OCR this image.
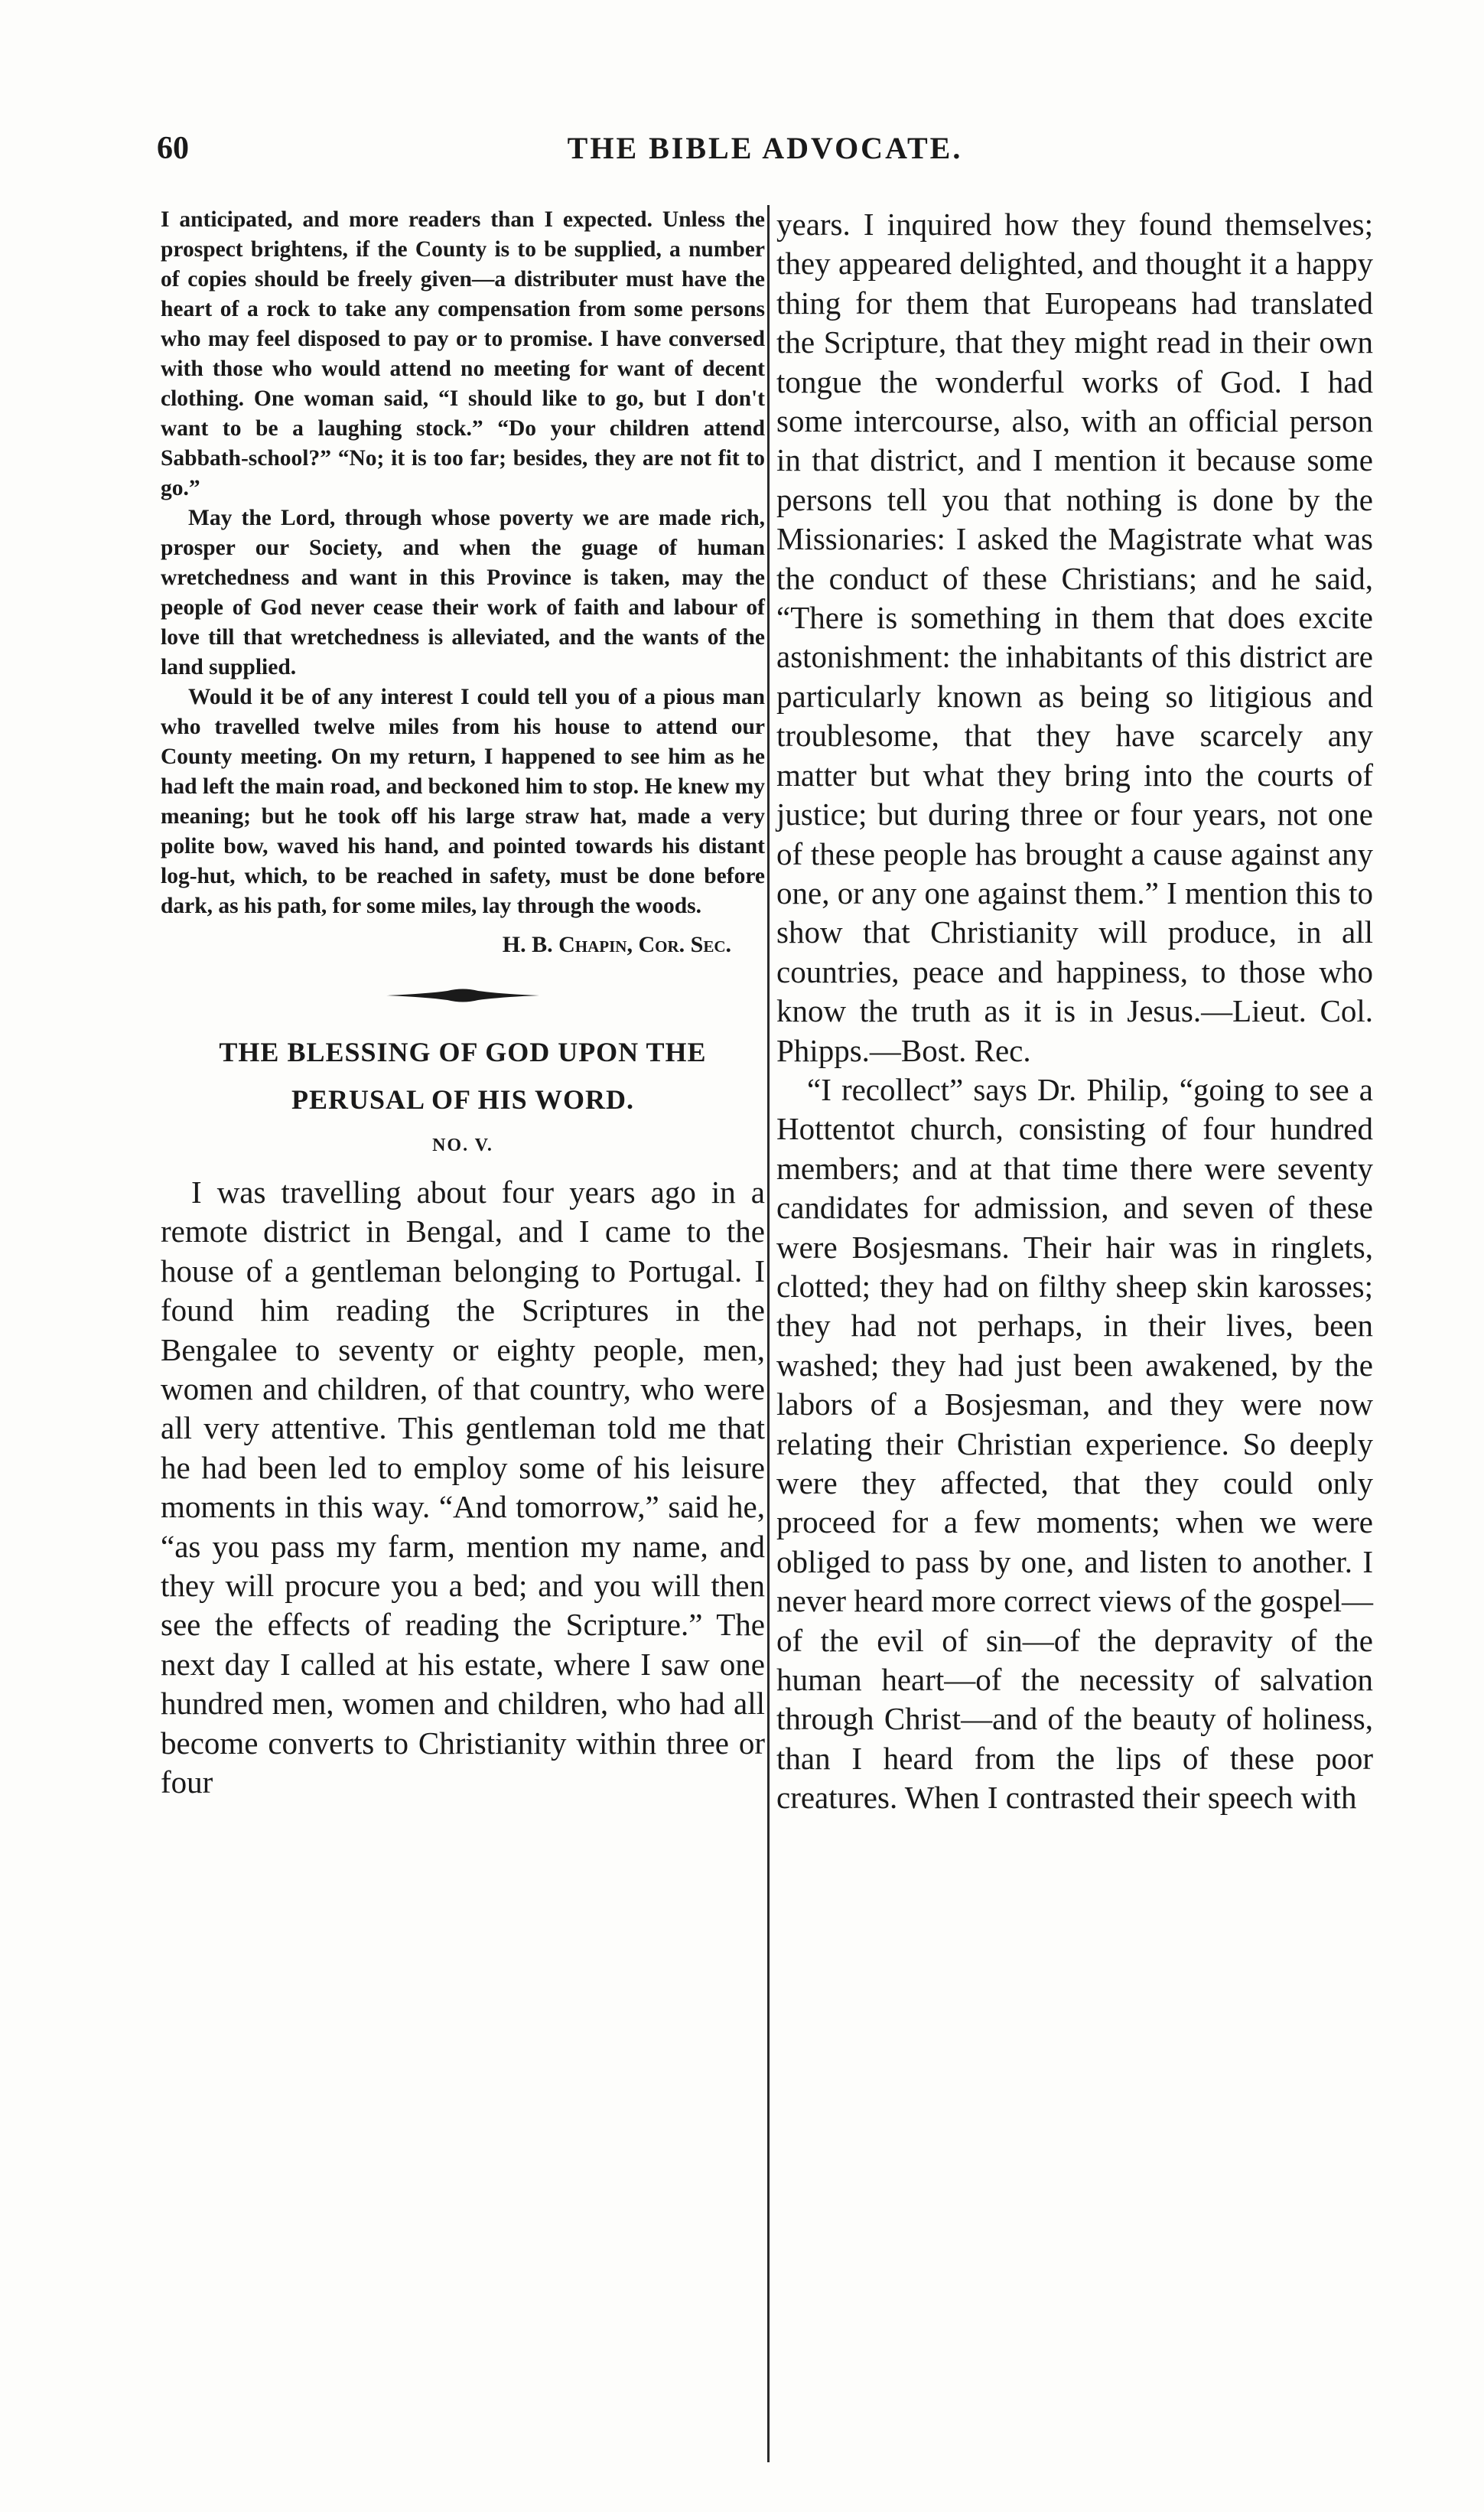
60	THE BIBLE ADVOCATE.

I anticipated, and more readers than I expected. Unless the prospect brightens, if the County is to be supplied, a number of copies should be freely given—a distributer must have the heart of a rock to take any compensation from some persons who may feel disposed to pay or to promise. I have conversed with those who would attend no meeting for want of decent clothing. One woman said, “I should like to go, but I don't want to be a laughing stock.” “Do your children attend Sabbath-school?” “No; it is too far; besides, they are not fit to go.”

May the Lord, through whose poverty we are made rich, prosper our Society, and when the guage of human wretchedness and want in this Province is taken, may the people of God never cease their work of faith and labour of love till that wretchedness is alleviated, and the wants of the land supplied.

Would it be of any interest I could tell you of a pious man who travelled twelve miles from his house to attend our County meeting. On my return, I happened to see him as he had left the main road, and beckoned him to stop. He knew my meaning; but he took off his large straw hat, made a very polite bow, waved his hand, and pointed towards his distant log-hut, which, to be reached in safety, must be done before dark, as his path, for some miles, lay through the woods.

H. B. Chapin, Cor. Sec.

THE BLESSING OF GOD UPON THE

PERUSAL OF HIS WORD.

NO. V.

I was travelling about four years ago in a remote district in Bengal, and I came to the house of a gentleman belonging to Portugal. I found him reading the Scriptures in the Bengalee to seventy or eighty people, men, women and children, of that country, who were all very attentive. This gentleman told me that he had been led to employ some of his leisure moments in this way. “And tomorrow,” said he, “as you pass my farm, mention my name, and they will procure you a bed; and you will then see the effects of reading the Scripture.” The next day I called at his estate, where I saw one hundred men, women and children, who had all become converts to Christianity within three or four

years. I inquired how they found themselves; they appeared delighted, and thought it a happy thing for them that Europeans had translated the Scripture, that they might read in their own tongue the wonderful works of God. I had some intercourse, also, with an official person in that district, and I mention it because some persons tell you that nothing is done by the Missionaries: I asked the Magistrate what was the conduct of these Christians; and he said, “There is something in them that does excite astonishment: the inhabitants of this district are particularly known as being so litigious and troublesome, that they have scarcely any matter but what they bring into the courts of justice; but during three or four years, not one of these people has brought a cause against any one, or any one against them.” I mention this to show that Christianity will produce, in all countries, peace and happiness, to those who know the truth as it is in Jesus.—Lieut. Col. Phipps.—Bost. Rec.

“I recollect” says Dr. Philip, “going to see a Hottentot church, consisting of four hundred members; and at that time there were seventy candidates for admission, and seven of these were Bosjesmans. Their hair was in ringlets, clotted; they had on filthy sheep skin karosses; they had not perhaps, in their lives, been washed; they had just been awakened, by the labors of a Bosjesman, and they were now relating their Christian experience. So deeply were they affected, that they could only proceed for a few moments; when we were obliged to pass by one, and listen to another. I never heard more correct views of the gospel—of the evil of sin—of the depravity of the human heart—of the necessity of salvation through Christ—and of the beauty of holiness, than I heard from the lips of these poor creatures. When I contrasted their speech with
